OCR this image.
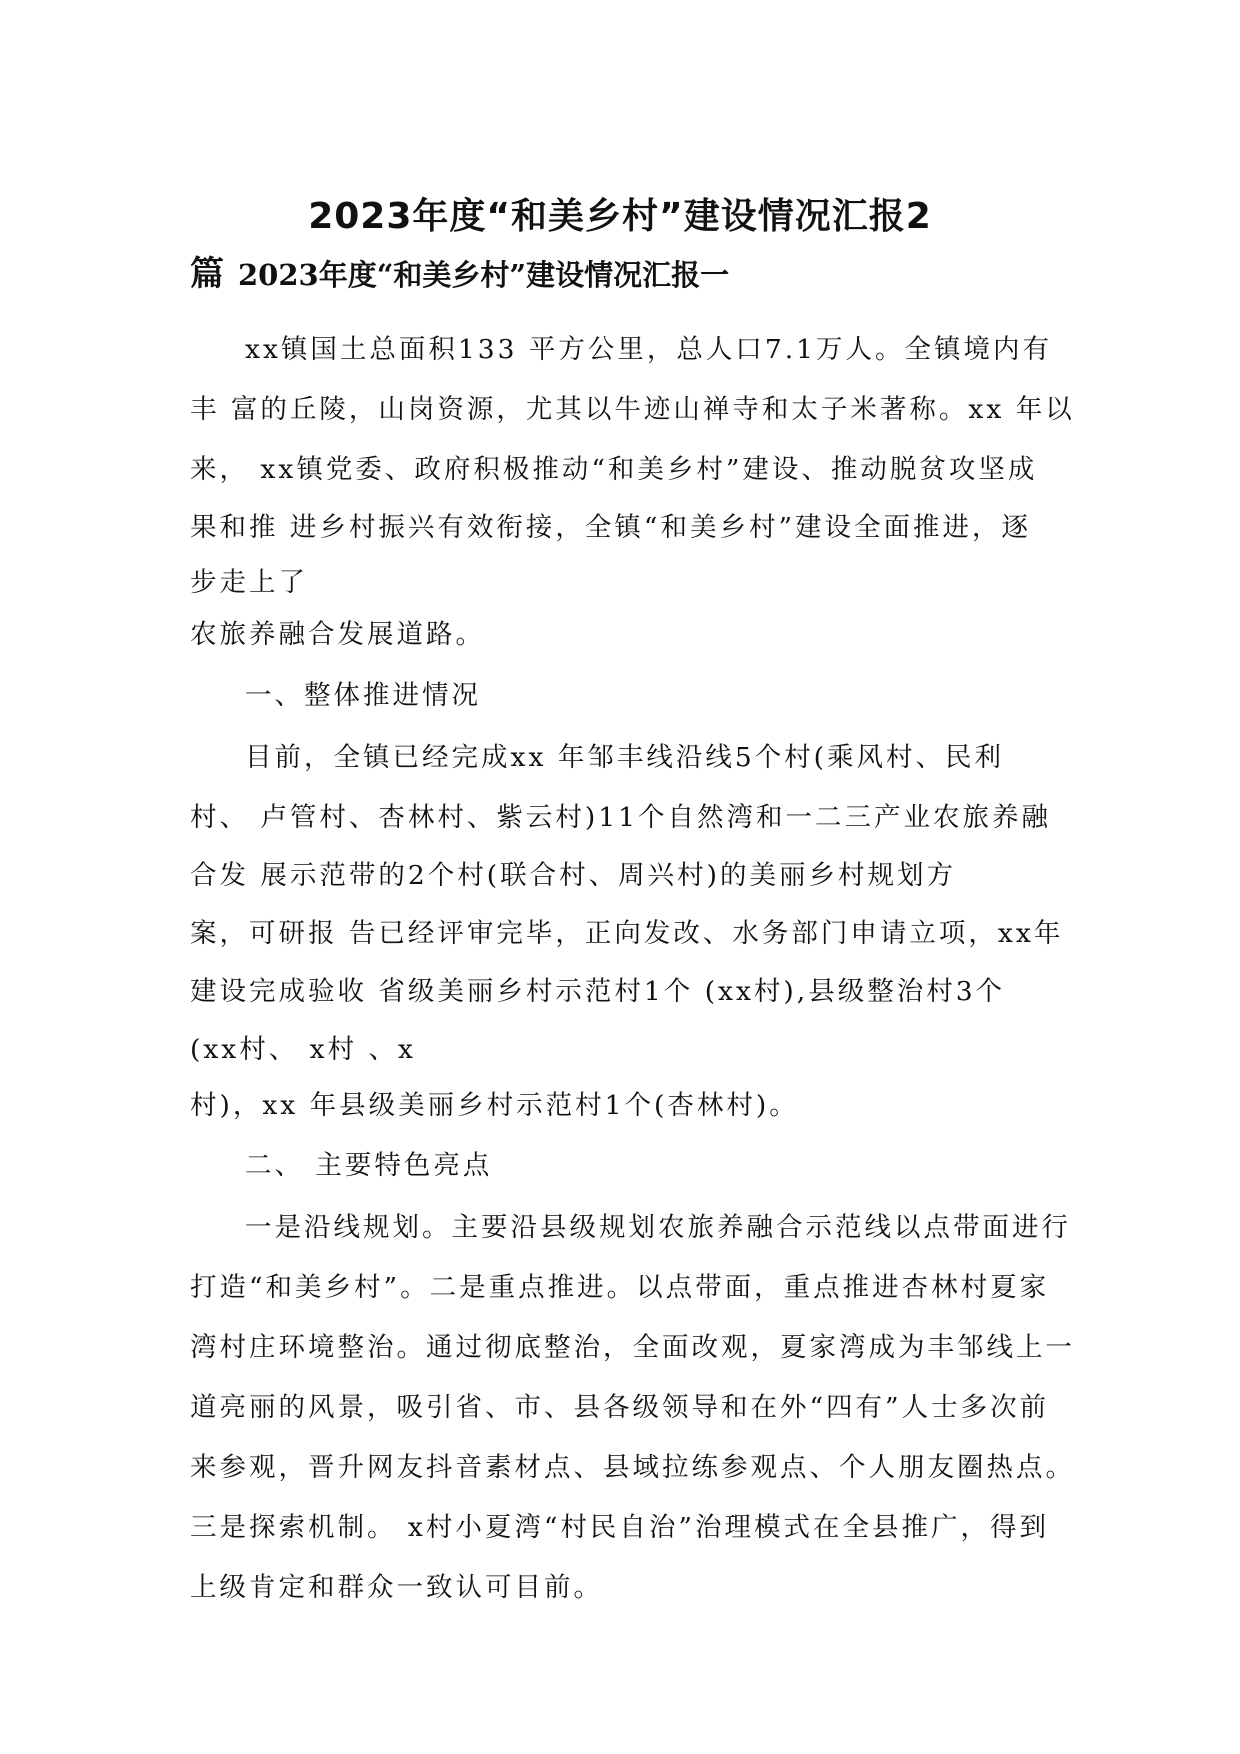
2023年度“和美乡村”建设情况汇报2
篇 2023年度“和美乡村”建设情况汇报一
xx镇国土总面积133 平方公里，总人口7.1万人。全镇境内有
丰 富的丘陵，山岗资源，尤其以牛迹山禅寺和太子米著称。xx 年以
来， xx镇党委、政府积极推动“和美乡村”建设、推动脱贫攻坚成
果和推 进乡村振兴有效衔接，全镇“和美乡村”建设全面推进，逐
步走上了
农旅养融合发展道路。
一、整体推进情况
目前，全镇已经完成xx 年邹丰线沿线5个村(乘风村、民利
村、 卢管村、杏林村、紫云村)11个自然湾和一二三产业农旅养融
合发 展示范带的2个村(联合村、周兴村)的美丽乡村规划方
案，可研报 告已经评审完毕，正向发改、水务部门申请立项，xx年
建设完成验收 省级美丽乡村示范村1个 (xx村),县级整治村3个
(xx村、 x村 、x
村)，xx 年县级美丽乡村示范村1个(杏林村)。
二、 主要特色亮点
一是沿线规划。主要沿县级规划农旅养融合示范线以点带面进行
打造“和美乡村”。二是重点推进。以点带面，重点推进杏林村夏家
湾村庄环境整治。通过彻底整治，全面改观，夏家湾成为丰邹线上一
道亮丽的风景，吸引省、市、县各级领导和在外“四有”人士多次前
来参观，晋升网友抖音素材点、县域拉练参观点、个人朋友圈热点。
三是探索机制。 x村小夏湾“村民自治”治理模式在全县推广，得到
上级肯定和群众一致认可目前。
